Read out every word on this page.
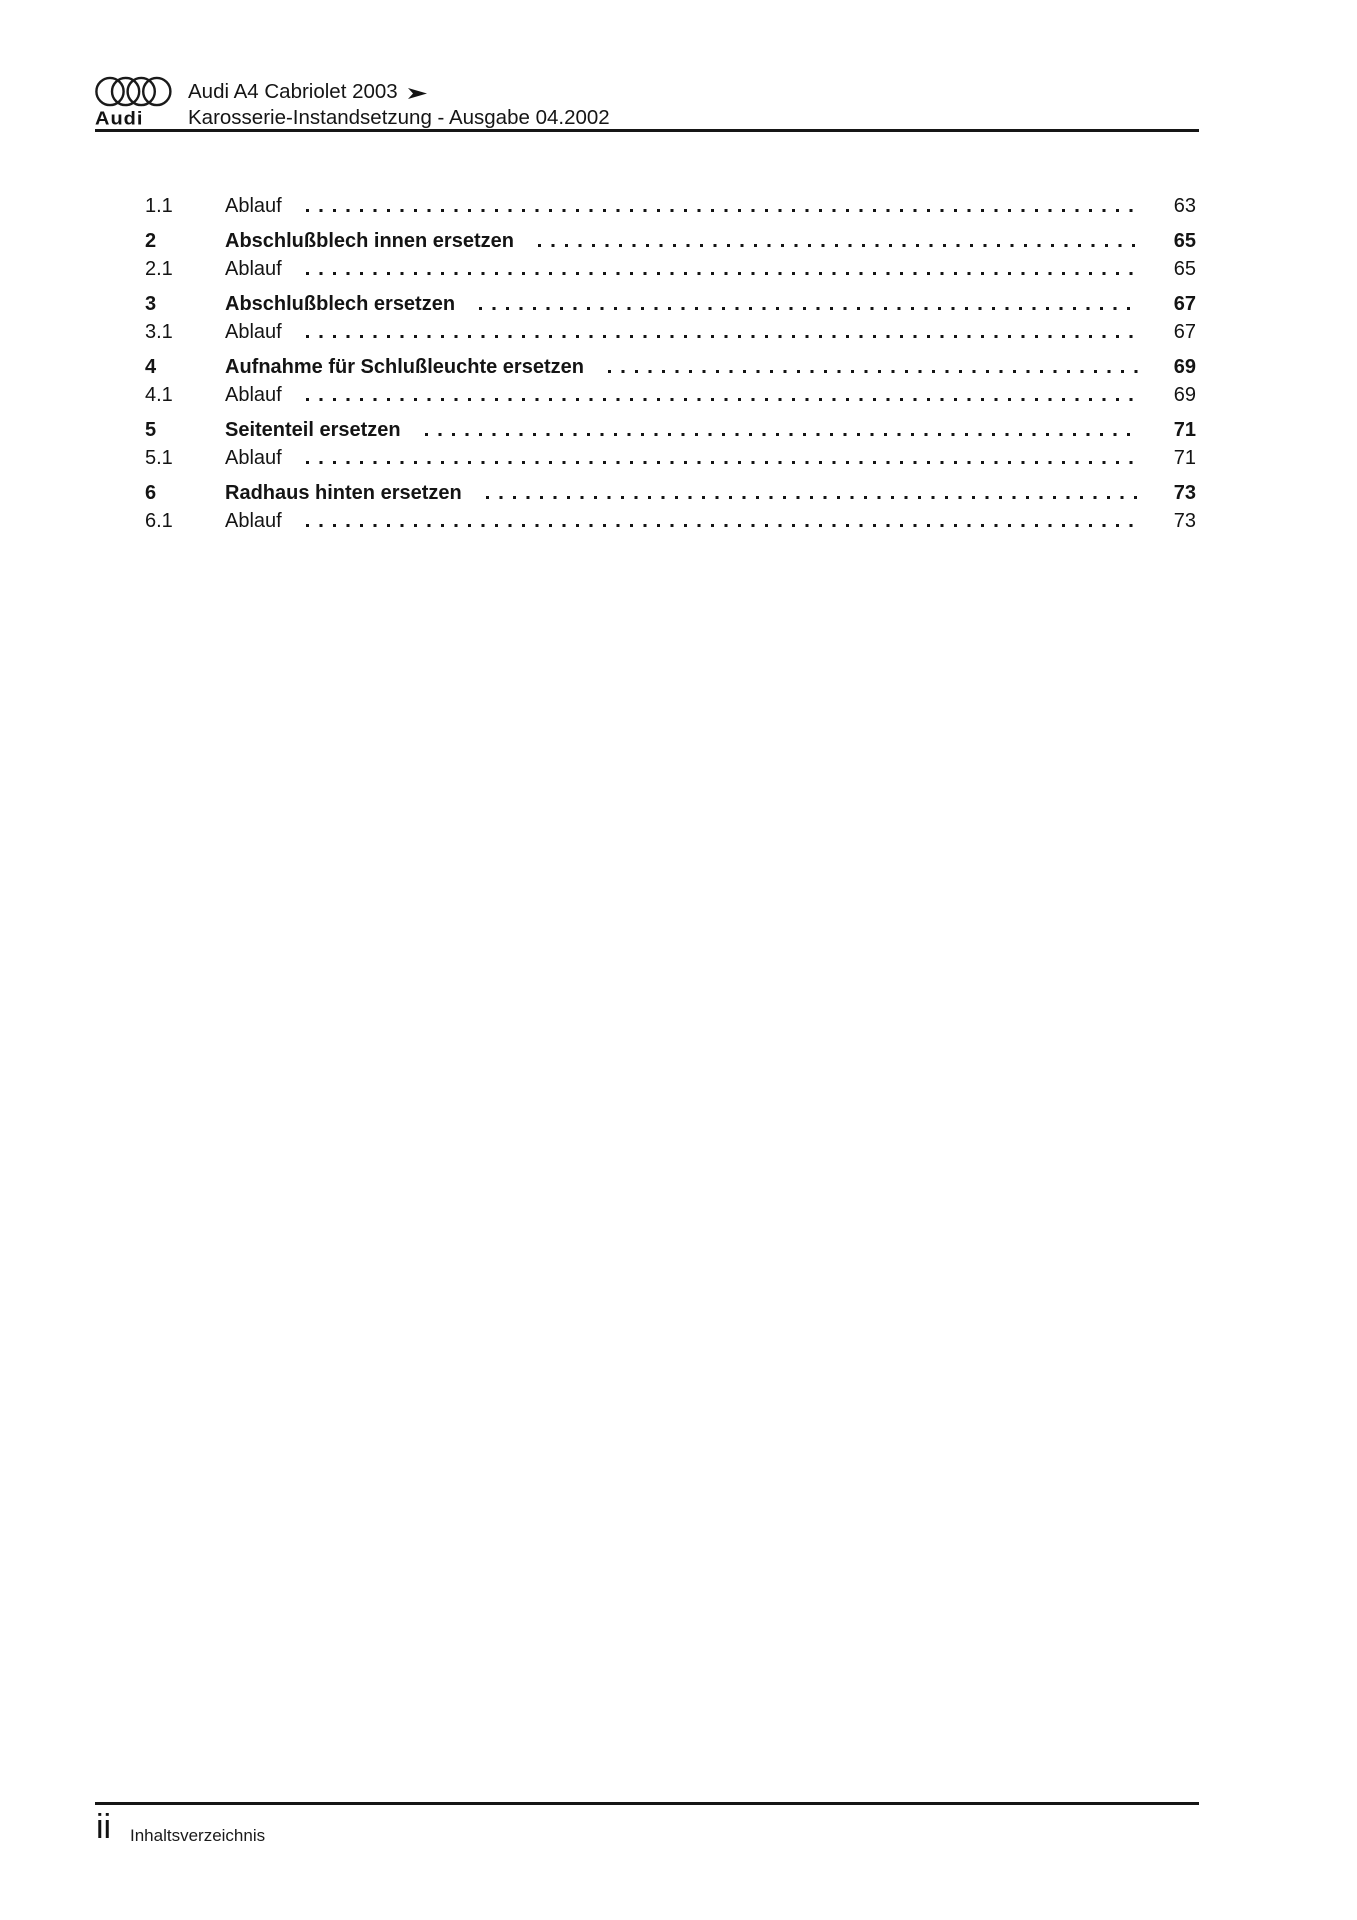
Audi
Audi A4 Cabriolet 2003
Karosserie-Instandsetzung - Ausgabe 04.2002
1.1	Ablauf	63
2	Abschlußblech innen ersetzen	65
2.1	Ablauf	65
3	Abschlußblech ersetzen	67
3.1	Ablauf	67
4	Aufnahme für Schlußleuchte ersetzen	69
4.1	Ablauf	69
5	Seitenteil ersetzen	71
5.1	Ablauf	71
6	Radhaus hinten ersetzen	73
6.1	Ablauf	73
ii Inhaltsverzeichnis
